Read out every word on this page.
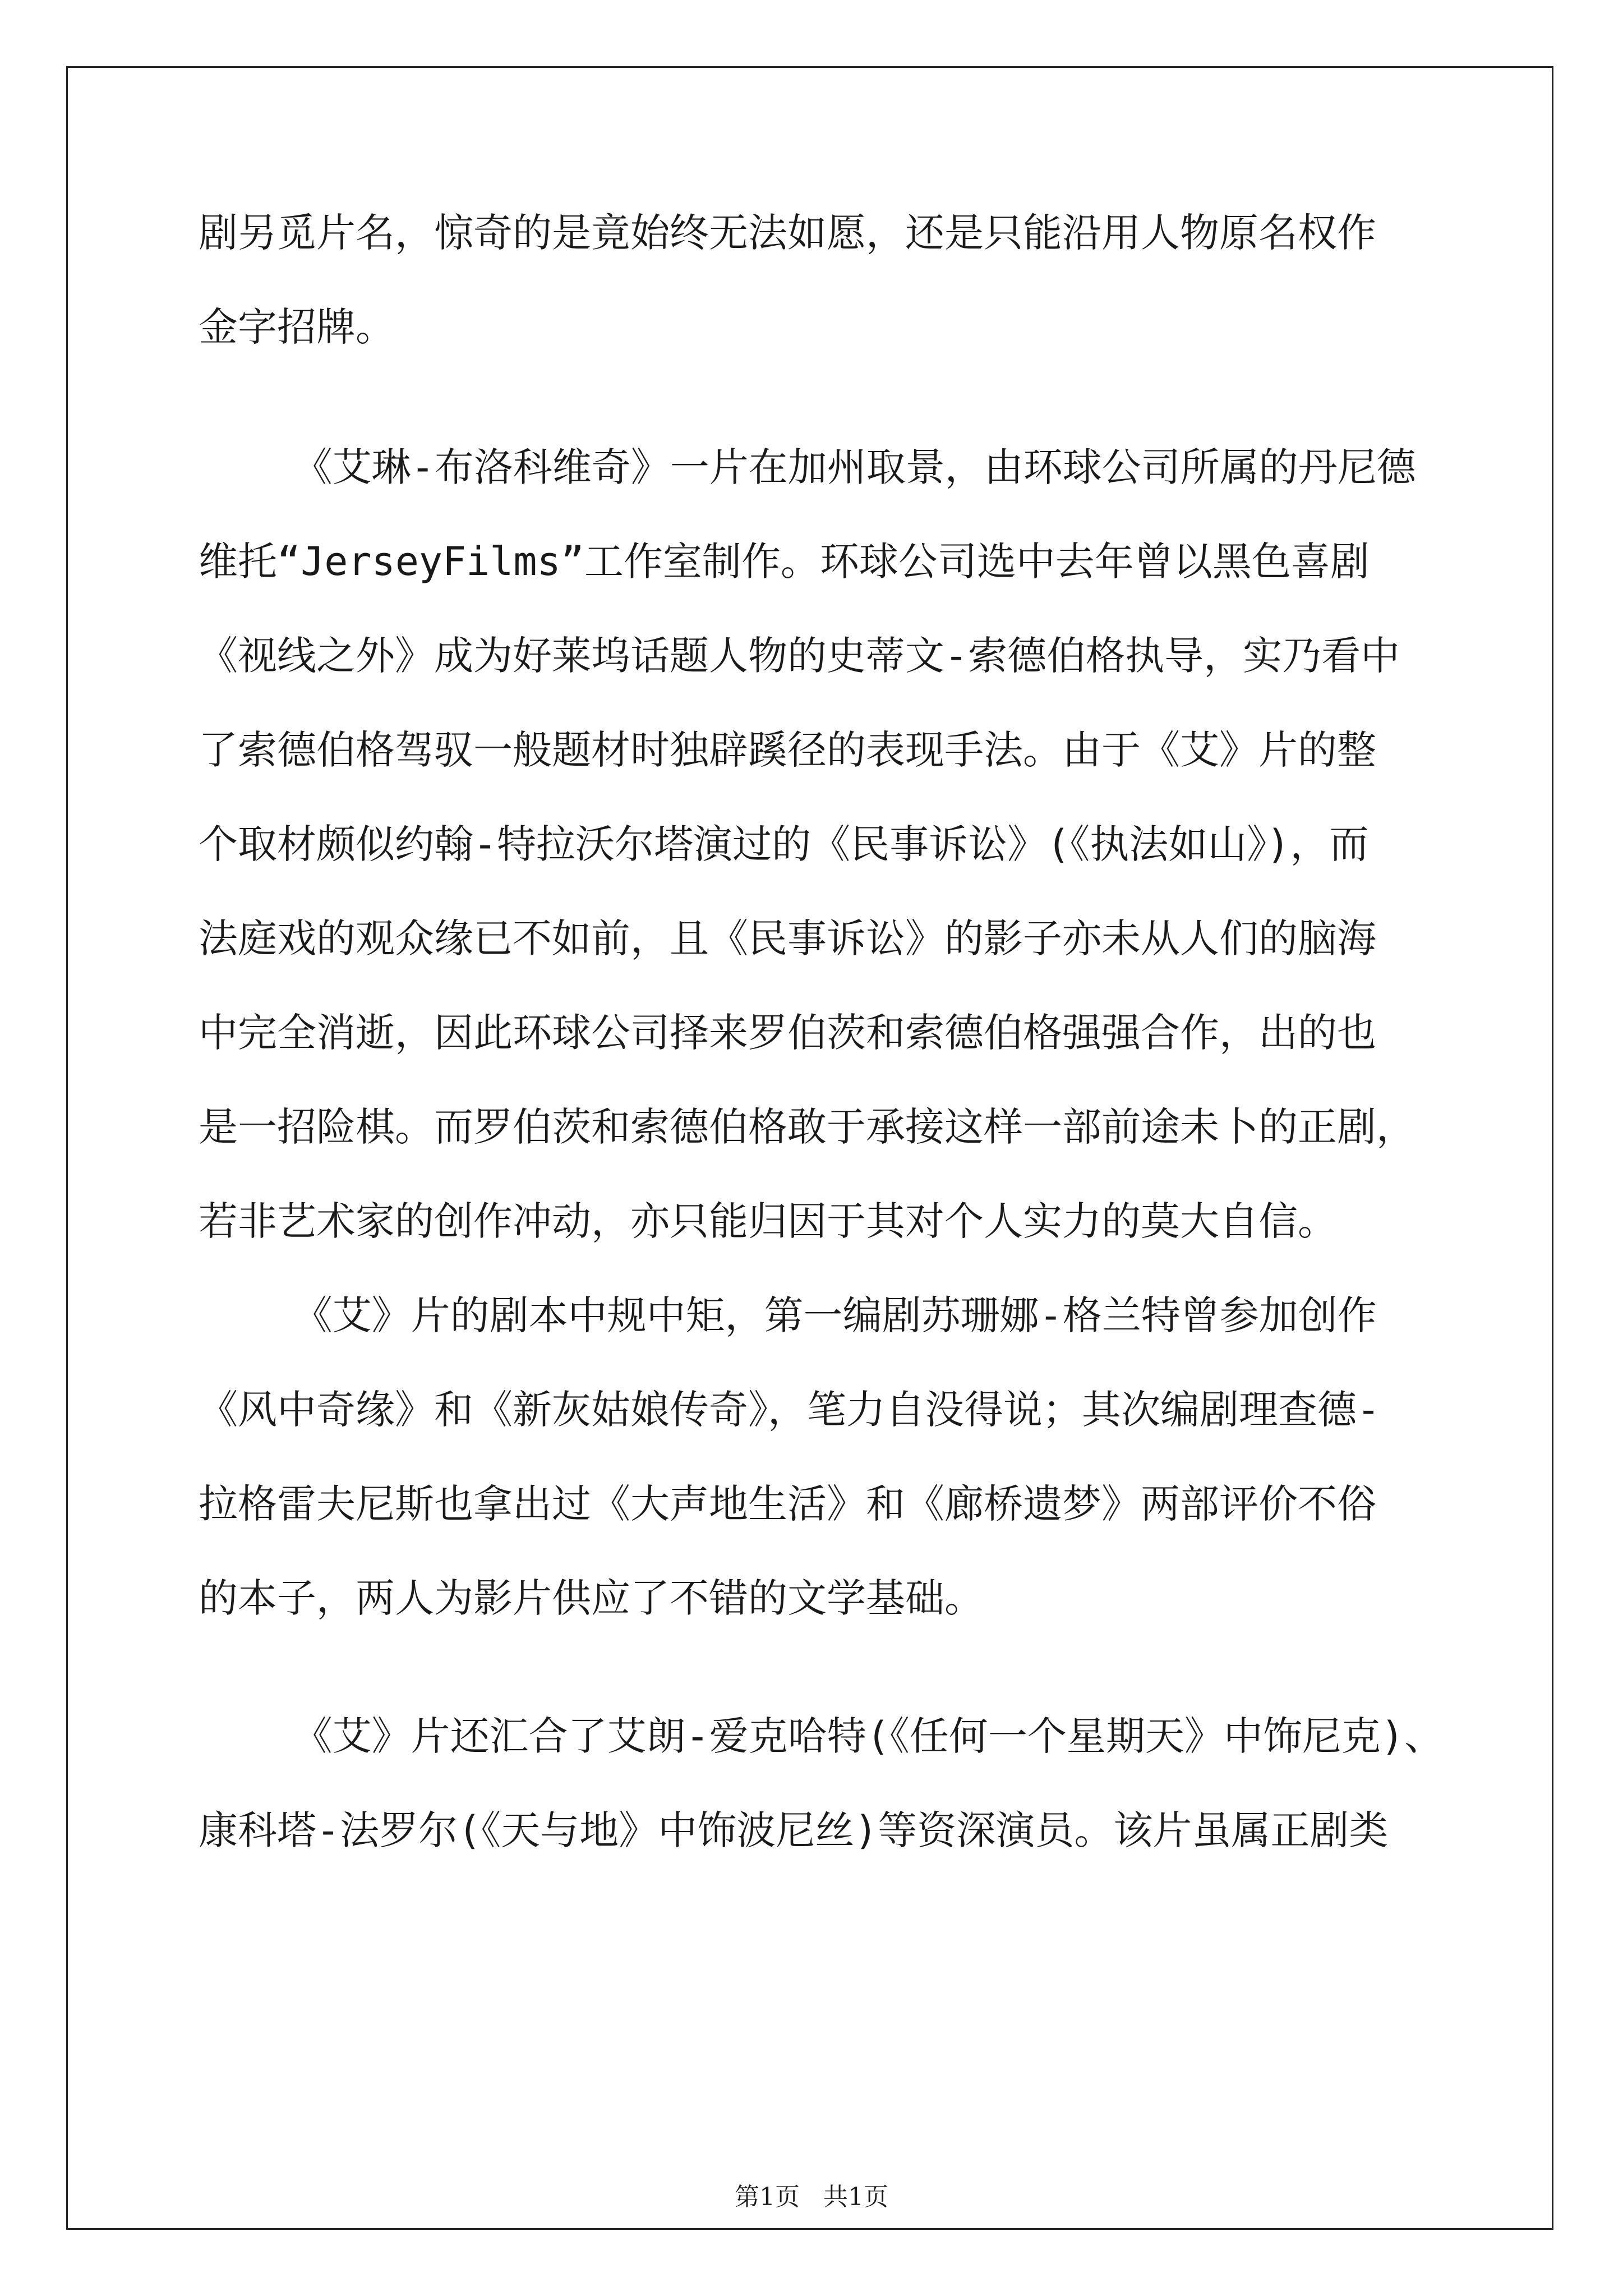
剧另觅片名，惊奇的是竟始终无法如愿，还是只能沿用人物原名权作
金字招牌。
《艾琳-布洛科维奇》一片在加州取景，由环球公司所属的丹尼德
维托“JerseyFilms”工作室制作。环球公司选中去年曾以黑色喜剧
《视线之外》成为好莱坞话题人物的史蒂文-索德伯格执导，实乃看中
了索德伯格驾驭一般题材时独辟蹊径的表现手法。由于《艾》片的整
个取材颇似约翰-特拉沃尔塔演过的《民事诉讼》(《执法如山》)，而
法庭戏的观众缘已不如前，且《民事诉讼》的影子亦未从人们的脑海
中完全消逝，因此环球公司择来罗伯茨和索德伯格强强合作，出的也
是一招险棋。而罗伯茨和索德伯格敢于承接这样一部前途未卜的正剧，
若非艺术家的创作冲动，亦只能归因于其对个人实力的莫大自信。
《艾》片的剧本中规中矩，第一编剧苏珊娜-格兰特曾参加创作
《风中奇缘》和《新灰姑娘传奇》，笔力自没得说；其次编剧理查德-
拉格雷夫尼斯也拿出过《大声地生活》和《廊桥遗梦》两部评价不俗
的本子，两人为影片供应了不错的文学基础。
《艾》片还汇合了艾朗-爱克哈特(《任何一个星期天》中饰尼克)、
康科塔-法罗尔(《天与地》中饰波尼丝)等资深演员。该片虽属正剧类
第1页   共1页
